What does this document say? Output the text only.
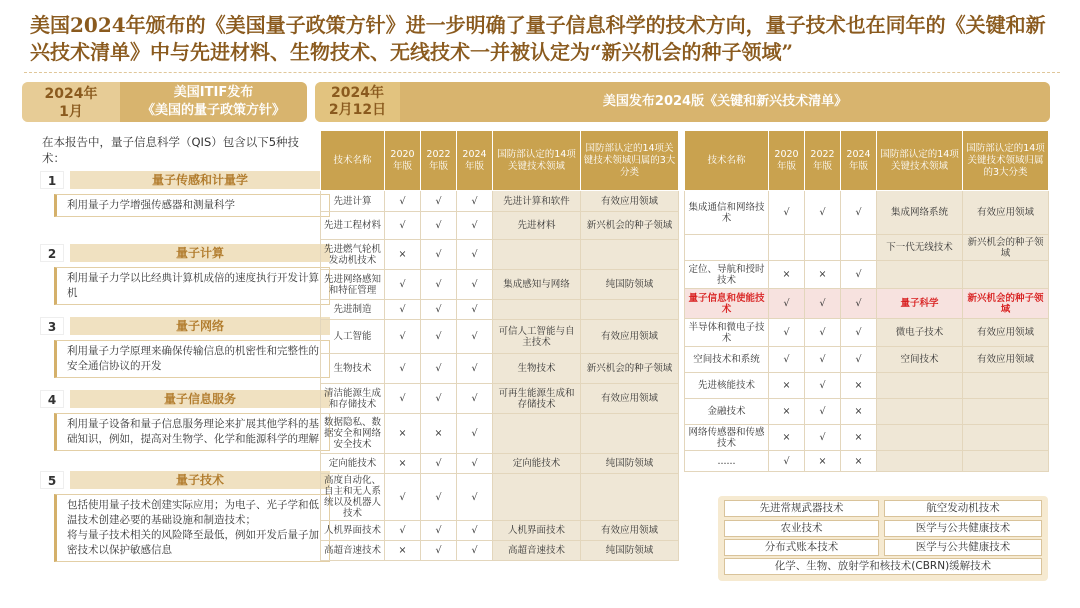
美国2024年颁布的《美国量子政策方针》进一步明确了量子信息科学的技术方向，量子技术也在同年的《关键和新兴技术清单》中与先进材料、生物技术、无线技术一并被认定为“新兴机会的种子领域”
2024年
1月
美国ITIF发布
《美国的量子政策方针》
在本报告中，量子信息科学（QIS）包含以下5种技术：
1	量子传感和计量学

利用量子力学增强传感器和测量科学

2	量子计算

利用量子力学以比经典计算机成倍的速度执行开发计算机

3	量子网络

利用量子力学原理来确保传输信息的机密性和完整性的安全通信协议的开发

4	量子信息服务

利用量子设备和量子信息服务理论来扩展其他学科的基础知识，例如，提高对生物学、化学和能源科学的理解

5	量子技术

包括使用量子技术创建实际应用；为电子、光子学和低温技术创建必要的基础设施和制造技术；

将与量子技术相关的风险降至最低，例如开发后量子加密技术以保护敏感信息

2024年
2月12日
美国发布2024版《关键和新兴技术清单》
技术名称	2020年版	2022年版	2024年版	国防部认定的14项关键技术领域	国防部认定的14项关键技术领域归属的3大分类
先进计算	√	√	√	先进计算和软件	有效应用领域
先进工程材料	√	√	√	先进材料	新兴机会的种子领域
先进燃气轮机发动机技术	×	√	√		
先进网络感知和特征管理	√	√	√	集成感知与网络	纯国防领域
先进制造	√	√	√		
人工智能	√	√	√	可信人工智能与自主技术	有效应用领域
生物技术	√	√	√	生物技术	新兴机会的种子领域
清洁能源生成和存储技术	√	√	√	可再生能源生成和存储技术	有效应用领域
数据隐私、数据安全和网络安全技术	×	×	√		
定向能技术	×	√	√	定向能技术	纯国防领域
高度自动化、自主和无人系统以及机器人技术	√	√	√		
人机界面技术	√	√	√	人机界面技术	有效应用领域
高超音速技术	×	√	√	高超音速技术	纯国防领域
技术名称	2020年版	2022年版	2024年版	国防部认定的14项关键技术领域	国防部认定的14项关键技术领域归属的3大分类
集成通信和网络技术	√	√	√	集成网络系统	有效应用领域
				下一代无线技术	新兴机会的种子领域
定位、导航和授时技术	×	×	√		
量子信息和使能技术	√	√	√	量子科学	新兴机会的种子领域
半导体和微电子技术	√	√	√	微电子技术	有效应用领域
空间技术和系统	√	√	√	空间技术	有效应用领域
先进核能技术	×	√	×		
金融技术	×	√	×		
网络传感器和传感技术	×	√	×		
......	√	×	×		
先进常规武器技术	航空发动机技术
农业技术	医学与公共健康技术
分布式账本技术	医学与公共健康技术
化学、生物、放射学和核技术(CBRN)缓解技术
